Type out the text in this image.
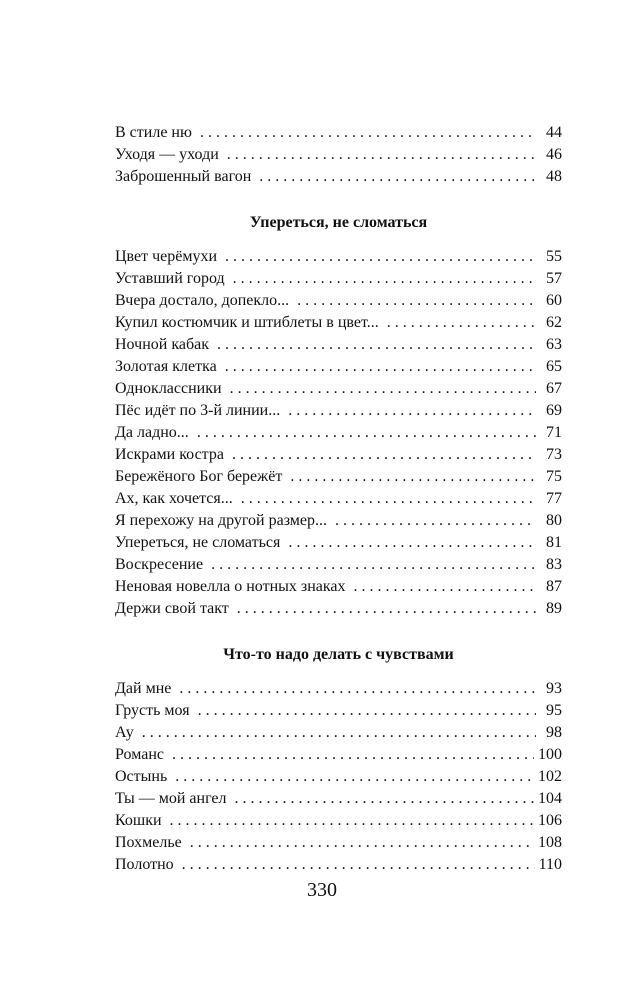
В стиле ню . . .	44
Уходя — уходи . . .	46
Заброшенный вагон . . .	48
Упереться, не сломаться
Цвет черёмухи . . .	55
Уставший город . . .	57
Вчера достало, допекло... . . .	60
Купил костюмчик и штиблеты в цвет... . . .	62
Ночной кабак . . .	63
Золотая клетка . . .	65
Одноклассники . . .	67
Пёс идёт по 3-й линии... . . .	69
Да ладно... . . .	71
Искрами костра . . .	73
Бережёного Бог бережёт . . .	75
Ах, как хочется... . . .	77
Я перехожу на другой размер... . . .	80
Упереться, не сломаться . . .	81
Воскресение . . .	83
Неновая новелла о нотных знаках . . .	87
Держи свой такт . . .	89
Что-то надо делать с чувствами
Дай мне . . .	93
Грусть моя . . .	95
Ау . . .	98
Романс . . .	100
Остынь . . .	102
Ты — мой ангел . . .	104
Кошки . . .	106
Похмелье . . .	108
Полотно . . .	110
330
